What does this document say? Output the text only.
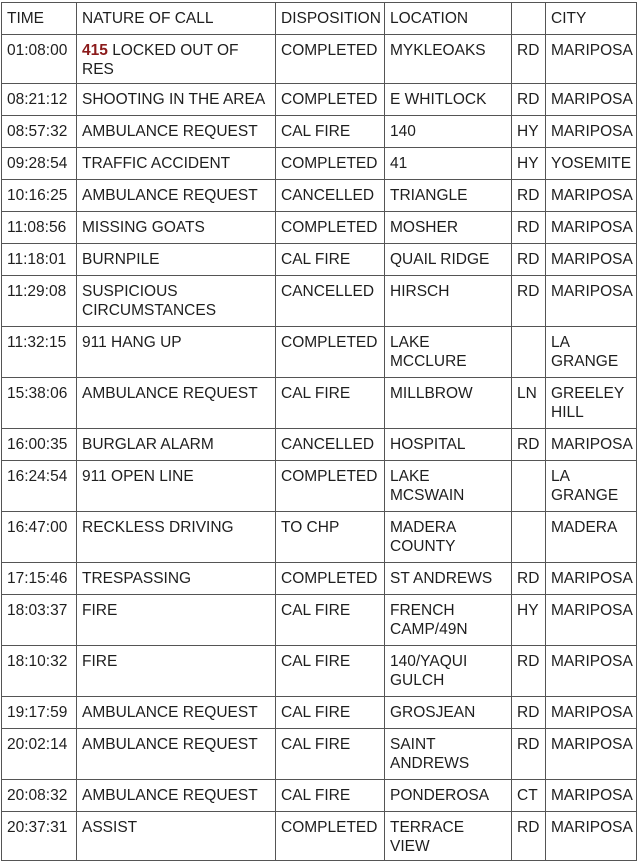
TIME	NATURE OF CALL	DISPOSITION	LOCATION		CITY
01:08:00	415 LOCKED OUT OF RES	COMPLETED	MYKLEOAKS	RD	MARIPOSA
08:21:12	SHOOTING IN THE AREA	COMPLETED	E WHITLOCK	RD	MARIPOSA
08:57:32	AMBULANCE REQUEST	CAL FIRE	140	HY	MARIPOSA
09:28:54	TRAFFIC ACCIDENT	COMPLETED	41	HY	YOSEMITE
10:16:25	AMBULANCE REQUEST	CANCELLED	TRIANGLE	RD	MARIPOSA
11:08:56	MISSING GOATS	COMPLETED	MOSHER	RD	MARIPOSA
11:18:01	BURNPILE	CAL FIRE	QUAIL RIDGE	RD	MARIPOSA
11:29:08	SUSPICIOUS CIRCUMSTANCES	CANCELLED	HIRSCH	RD	MARIPOSA
11:32:15	911 HANG UP	COMPLETED	LAKE MCCLURE		LA GRANGE
15:38:06	AMBULANCE REQUEST	CAL FIRE	MILLBROW	LN	GREELEY HILL
16:00:35	BURGLAR ALARM	CANCELLED	HOSPITAL	RD	MARIPOSA
16:24:54	911 OPEN LINE	COMPLETED	LAKE MCSWAIN		LA GRANGE
16:47:00	RECKLESS DRIVING	TO CHP	MADERA COUNTY		MADERA
17:15:46	TRESPASSING	COMPLETED	ST ANDREWS	RD	MARIPOSA
18:03:37	FIRE	CAL FIRE	FRENCH CAMP/49N	HY	MARIPOSA
18:10:32	FIRE	CAL FIRE	140/YAQUI GULCH	RD	MARIPOSA
19:17:59	AMBULANCE REQUEST	CAL FIRE	GROSJEAN	RD	MARIPOSA
20:02:14	AMBULANCE REQUEST	CAL FIRE	SAINT ANDREWS	RD	MARIPOSA
20:08:32	AMBULANCE REQUEST	CAL FIRE	PONDEROSA	CT	MARIPOSA
20:37:31	ASSIST	COMPLETED	TERRACE VIEW	RD	MARIPOSA
